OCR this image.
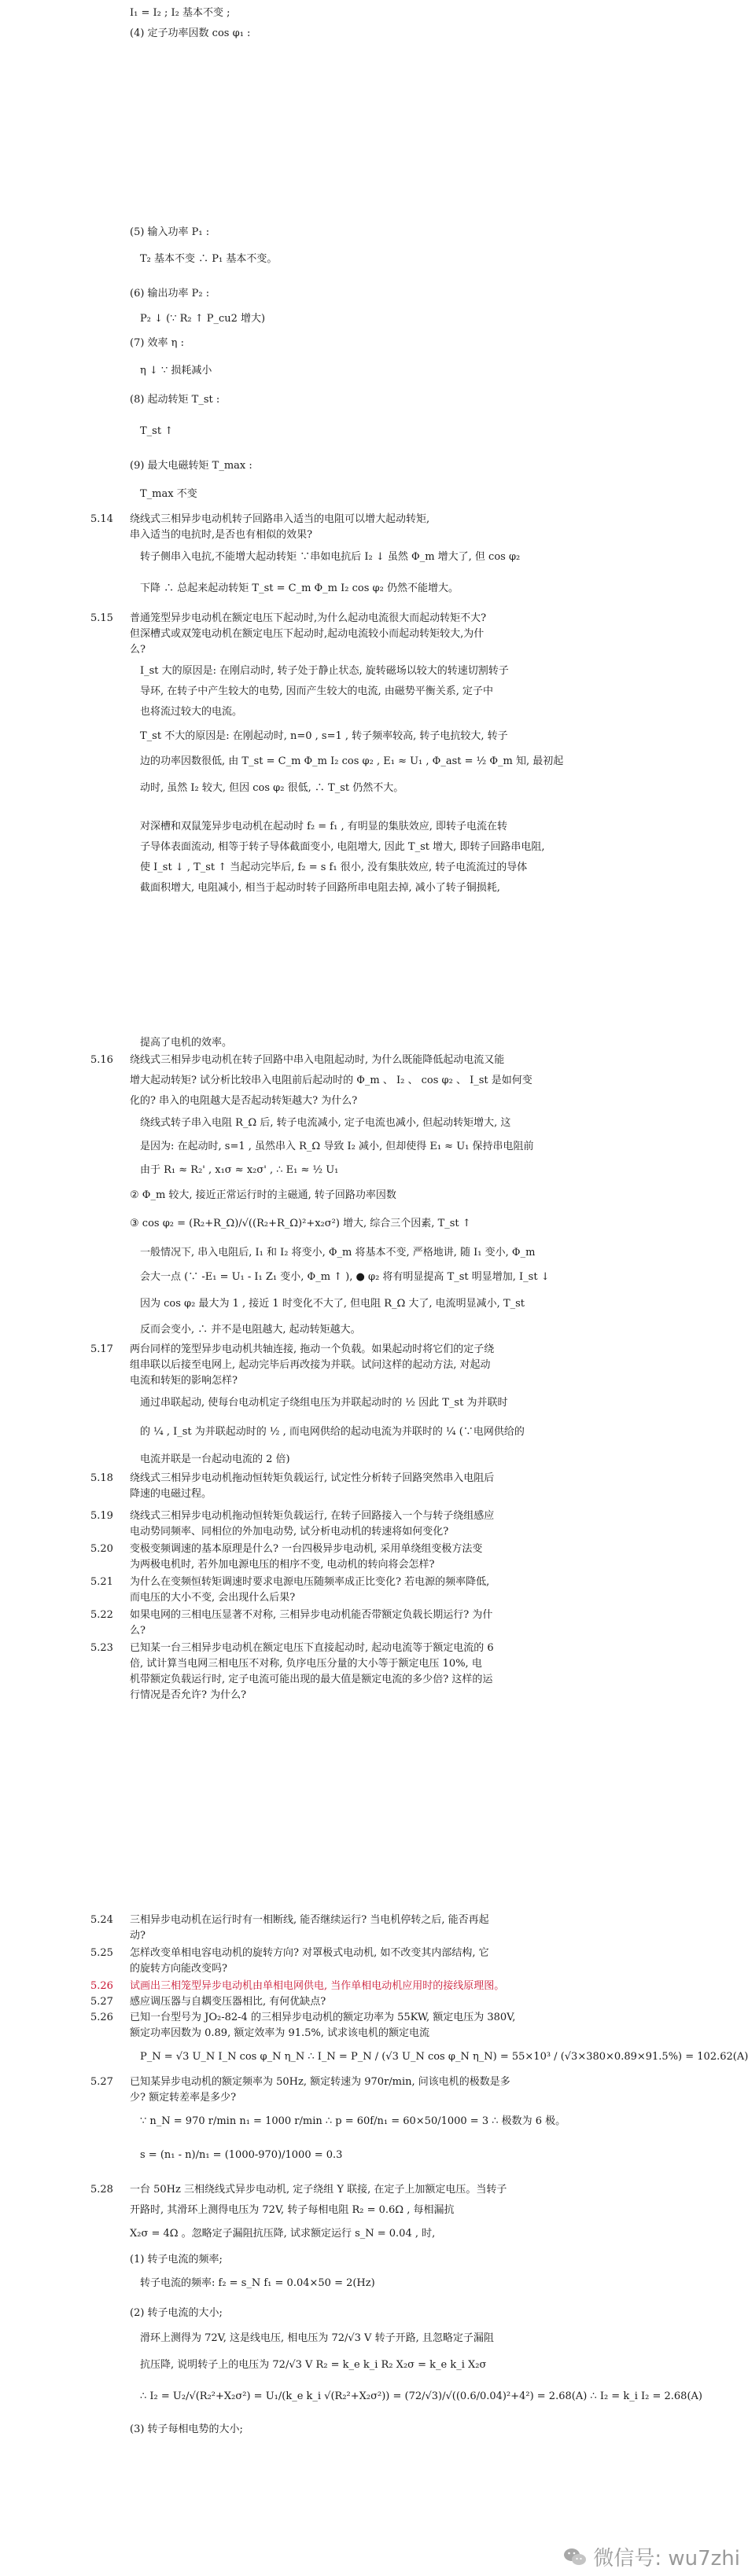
I₁ = I₂ ; I₂ 基本不变 ;
(4) 定子功率因数 cos φ₁ :
(5) 输入功率 P₁ :
T₂ 基本不变 ∴ P₁ 基本不变。
(6) 输出功率 P₂ :
P₂ ↓ (∵ R₂ ↑ P_cu2 增大)
(7) 效率 η :
η ↓ ∵ 损耗减小
(8) 起动转矩 T_st :
T_st ↑
(9) 最大电磁转矩 T_max :
T_max 不变
5.14 绕线式三相异步电动机转子回路串入适当的电阻可以增大起动转矩,
串入适当的电抗时,是否也有相似的效果?
转子侧串入电抗,不能增大起动转矩 ∵串如电抗后 I₂ ↓ 虽然 Φ_m 增大了, 但 cos φ₂
下降 ∴ 总起来起动转矩 T_st = C_m Φ_m I₂ cos φ₂ 仍然不能增大。
5.15 普通笼型异步电动机在额定电压下起动时,为什么起动电流很大而起动转矩不大?
但深槽式或双笼电动机在额定电压下起动时,起动电流较小而起动转矩较大,为什
么?
I_st 大的原因是: 在刚启动时, 转子处于静止状态, 旋转磁场以较大的转速切割转子
导环, 在转子中产生较大的电势, 因而产生较大的电流, 由磁势平衡关系, 定子中
也将流过较大的电流。
T_st 不大的原因是: 在刚起动时, n=0 , s=1 , 转子频率较高, 转子电抗较大, 转子
边的功率因数很低, 由 T_st = C_m Φ_m I₂ cos φ₂ , E₁ ≈ U₁ , Φ_ast = ½ Φ_m 知, 最初起
动时, 虽然 I₂ 较大, 但因 cos φ₂ 很低, ∴ T_st 仍然不大。
对深槽和双鼠笼异步电动机在起动时 f₂ = f₁ , 有明显的集肤效应, 即转子电流在转
子导体表面流动, 相等于转子导体截面变小, 电阻增大, 因此 T_st 增大, 即转子回路串电阻,
使 I_st ↓ , T_st ↑ 当起动完毕后, f₂ = s f₁ 很小, 没有集肤效应, 转子电流流过的导体
截面积增大, 电阻减小, 相当于起动时转子回路所串电阻去掉, 减小了转子铜损耗,
提高了电机的效率。
5.16 绕线式三相异步电动机在转子回路中串入电阻起动时, 为什么既能降低起动电流又能
增大起动转矩? 试分析比较串入电阻前后起动时的 Φ_m 、 I₂ 、 cos φ₂ 、 I_st 是如何变
化的? 串入的电阻越大是否起动转矩越大? 为什么?
绕线式转子串入电阻 R_Ω 后, 转子电流减小, 定子电流也减小, 但起动转矩增大, 这
是因为: 在起动时, s=1 , 虽然串入 R_Ω 导致 I₂ 减小, 但却使得 E₁ ≈ U₁ 保持串电阻前
由于 R₁ ≈ R₂' , x₁σ ≈ x₂σ' , ∴ E₁ ≈ ½ U₁
② Φ_m 较大, 接近正常运行时的主磁通, 转子回路功率因数
③ cos φ₂ = (R₂+R_Ω)/√((R₂+R_Ω)²+x₂σ²) 增大, 综合三个因素, T_st ↑
一般情况下, 串入电阻后, I₁ 和 I₂ 将变小, Φ_m 将基本不变, 严格地讲, 随 I₁ 变小, Φ_m
会大一点 (∵ -E₁ = U₁ - I₁ Z₁ 变小, Φ_m ↑ ), ● φ₂ 将有明显提高 T_st 明显增加, I_st ↓
因为 cos φ₂ 最大为 1 , 接近 1 时变化不大了, 但电阻 R_Ω 大了, 电流明显减小, T_st
反而会变小, ∴ 并不是电阻越大, 起动转矩越大。
5.17 两台同样的笼型异步电动机共轴连接, 拖动一个负载。如果起动时将它们的定子绕
组串联以后接至电网上, 起动完毕后再改接为并联。试问这样的起动方法, 对起动
电流和转矩的影响怎样?
通过串联起动, 使每台电动机定子绕组电压为并联起动时的 ½ 因此 T_st 为并联时
的 ¼ , I_st 为并联起动时的 ½ , 而电网供给的起动电流为并联时的 ¼ (∵电网供给的
电流并联是一台起动电流的 2 倍)
5.18 绕线式三相异步电动机拖动恒转矩负载运行, 试定性分析转子回路突然串入电阻后
降速的电磁过程。
5.19 绕线式三相异步电动机拖动恒转矩负载运行, 在转子回路接入一个与转子绕组感应
电动势同频率、同相位的外加电动势, 试分析电动机的转速将如何变化?
5.20 变极变频调速的基本原理是什么? 一台四极异步电动机, 采用单绕组变极方法变
为两极电机时, 若外加电源电压的相序不变, 电动机的转向将会怎样?
5.21 为什么在变频恒转矩调速时要求电源电压随频率成正比变化? 若电源的频率降低,
而电压的大小不变, 会出现什么后果?
5.22 如果电网的三相电压显著不对称, 三相异步电动机能否带额定负载长期运行? 为什
么?
5.23 已知某一台三相异步电动机在额定电压下直接起动时, 起动电流等于额定电流的 6
倍, 试计算当电网三相电压不对称, 负序电压分量的大小等于额定电压 10%, 电
机带额定负载运行时, 定子电流可能出现的最大值是额定电流的多少倍? 这样的运
行情况是否允许? 为什么?
5.24 三相异步电动机在运行时有一相断线, 能否继续运行? 当电机停转之后, 能否再起
动?
5.25 怎样改变单相电容电动机的旋转方向? 对罩极式电动机, 如不改变其内部结构, 它
的旋转方向能改变吗?
5.26 试画出三相笼型异步电动机由单相电网供电, 当作单相电动机应用时的接线原理图。
5.27 感应调压器与自耦变压器相比, 有何优缺点?
5.26 已知一台型号为 JO₂-82-4 的三相异步电动机的额定功率为 55KW, 额定电压为 380V,
额定功率因数为 0.89, 额定效率为 91.5%, 试求该电机的额定电流
P_N = √3 U_N I_N cos φ_N η_N ∴ I_N = P_N / (√3 U_N cos φ_N η_N) = 55×10³ / (√3×380×0.89×91.5%) = 102.62(A)
5.27 已知某异步电动机的额定频率为 50Hz, 额定转速为 970r/min, 问该电机的极数是多
少? 额定转差率是多少?
∵ n_N = 970 r/min n₁ = 1000 r/min ∴ p = 60f/n₁ = 60×50/1000 = 3 ∴ 极数为 6 极。
s = (n₁ - n)/n₁ = (1000-970)/1000 = 0.3
5.28 一台 50Hz 三相绕线式异步电动机, 定子绕组 Y 联接, 在定子上加额定电压。当转子
开路时, 其滑环上测得电压为 72V, 转子每相电阻 R₂ = 0.6Ω , 每相漏抗
X₂σ = 4Ω 。忽略定子漏阻抗压降, 试求额定运行 s_N = 0.04 , 时,
(1) 转子电流的频率;
转子电流的频率: f₂ = s_N f₁ = 0.04×50 = 2(Hz)
(2) 转子电流的大小;
滑环上测得为 72V, 这是线电压, 相电压为 72/√3 V 转子开路, 且忽略定子漏阻
抗压降, 说明转子上的电压为 72/√3 V R₂ = k_e k_i R₂ X₂σ = k_e k_i X₂σ
∴ I₂ = U₂/√(R₂²+X₂σ²) = U₁/(k_e k_i √(R₂²+X₂σ²)) = (72/√3)/√((0.6/0.04)²+4²) = 2.68(A) ∴ I₂ = k_i I₂ = 2.68(A)
(3) 转子每相电势的大小;
微信号: wu7zhi
